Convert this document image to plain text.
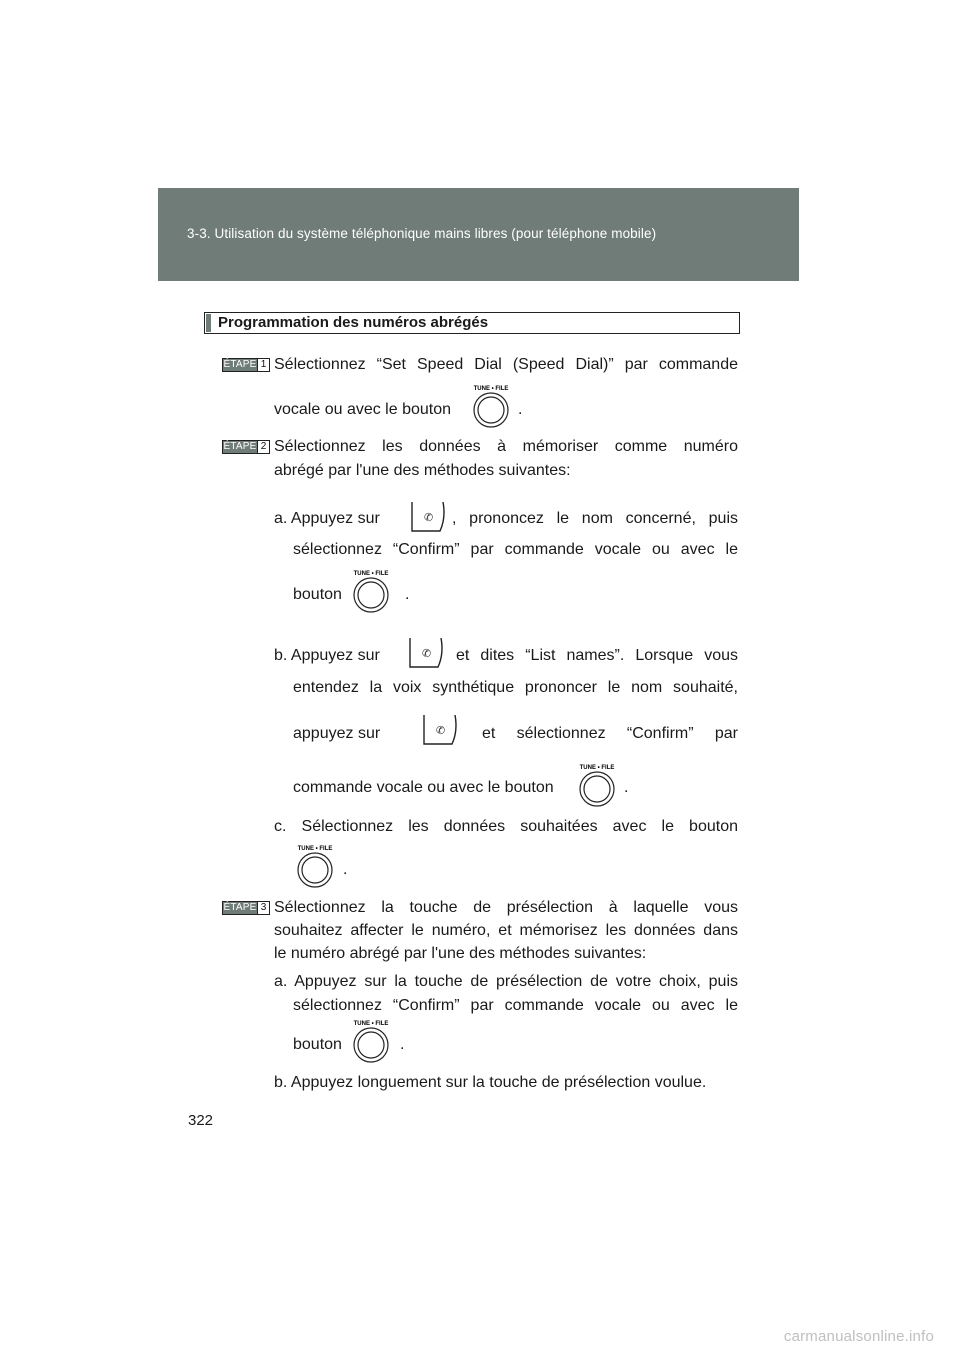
3-3. Utilisation du système téléphonique mains libres (pour téléphone mobile)
Programmation des numéros abrégés
ÉTAPE 1 Sélectionnez “Set Speed Dial (Speed Dial)” par commande
vocale ou avec le bouton
TUNE • FILE
.
ÉTAPE 2 Sélectionnez les données à mémoriser comme numéro
abrégé par l'une des méthodes suivantes:
a. Appuyez sur	✆ , prononcez le nom concerné, puis
sélectionnez “Confirm” par commande vocale ou avec le
bouton
TUNE • FILE
.
b. Appuyez sur	✆ et dites “List names”. Lorsque vous
entendez la voix synthétique prononcer le nom souhaité,
appuyez sur	✆ et sélectionnez “Confirm” par
commande vocale ou avec le bouton
TUNE • FILE
.
c. Sélectionnez les données souhaitées avec le bouton
TUNE • FILE
.
ÉTAPE 3 Sélectionnez la touche de présélection à laquelle vous
souhaitez affecter le numéro, et mémorisez les données dans
le numéro abrégé par l'une des méthodes suivantes:
a. Appuyez sur la touche de présélection de votre choix, puis
sélectionnez “Confirm” par commande vocale ou avec le
bouton
TUNE • FILE
.
b. Appuyez longuement sur la touche de présélection voulue.
322
carmanualsonline.info
